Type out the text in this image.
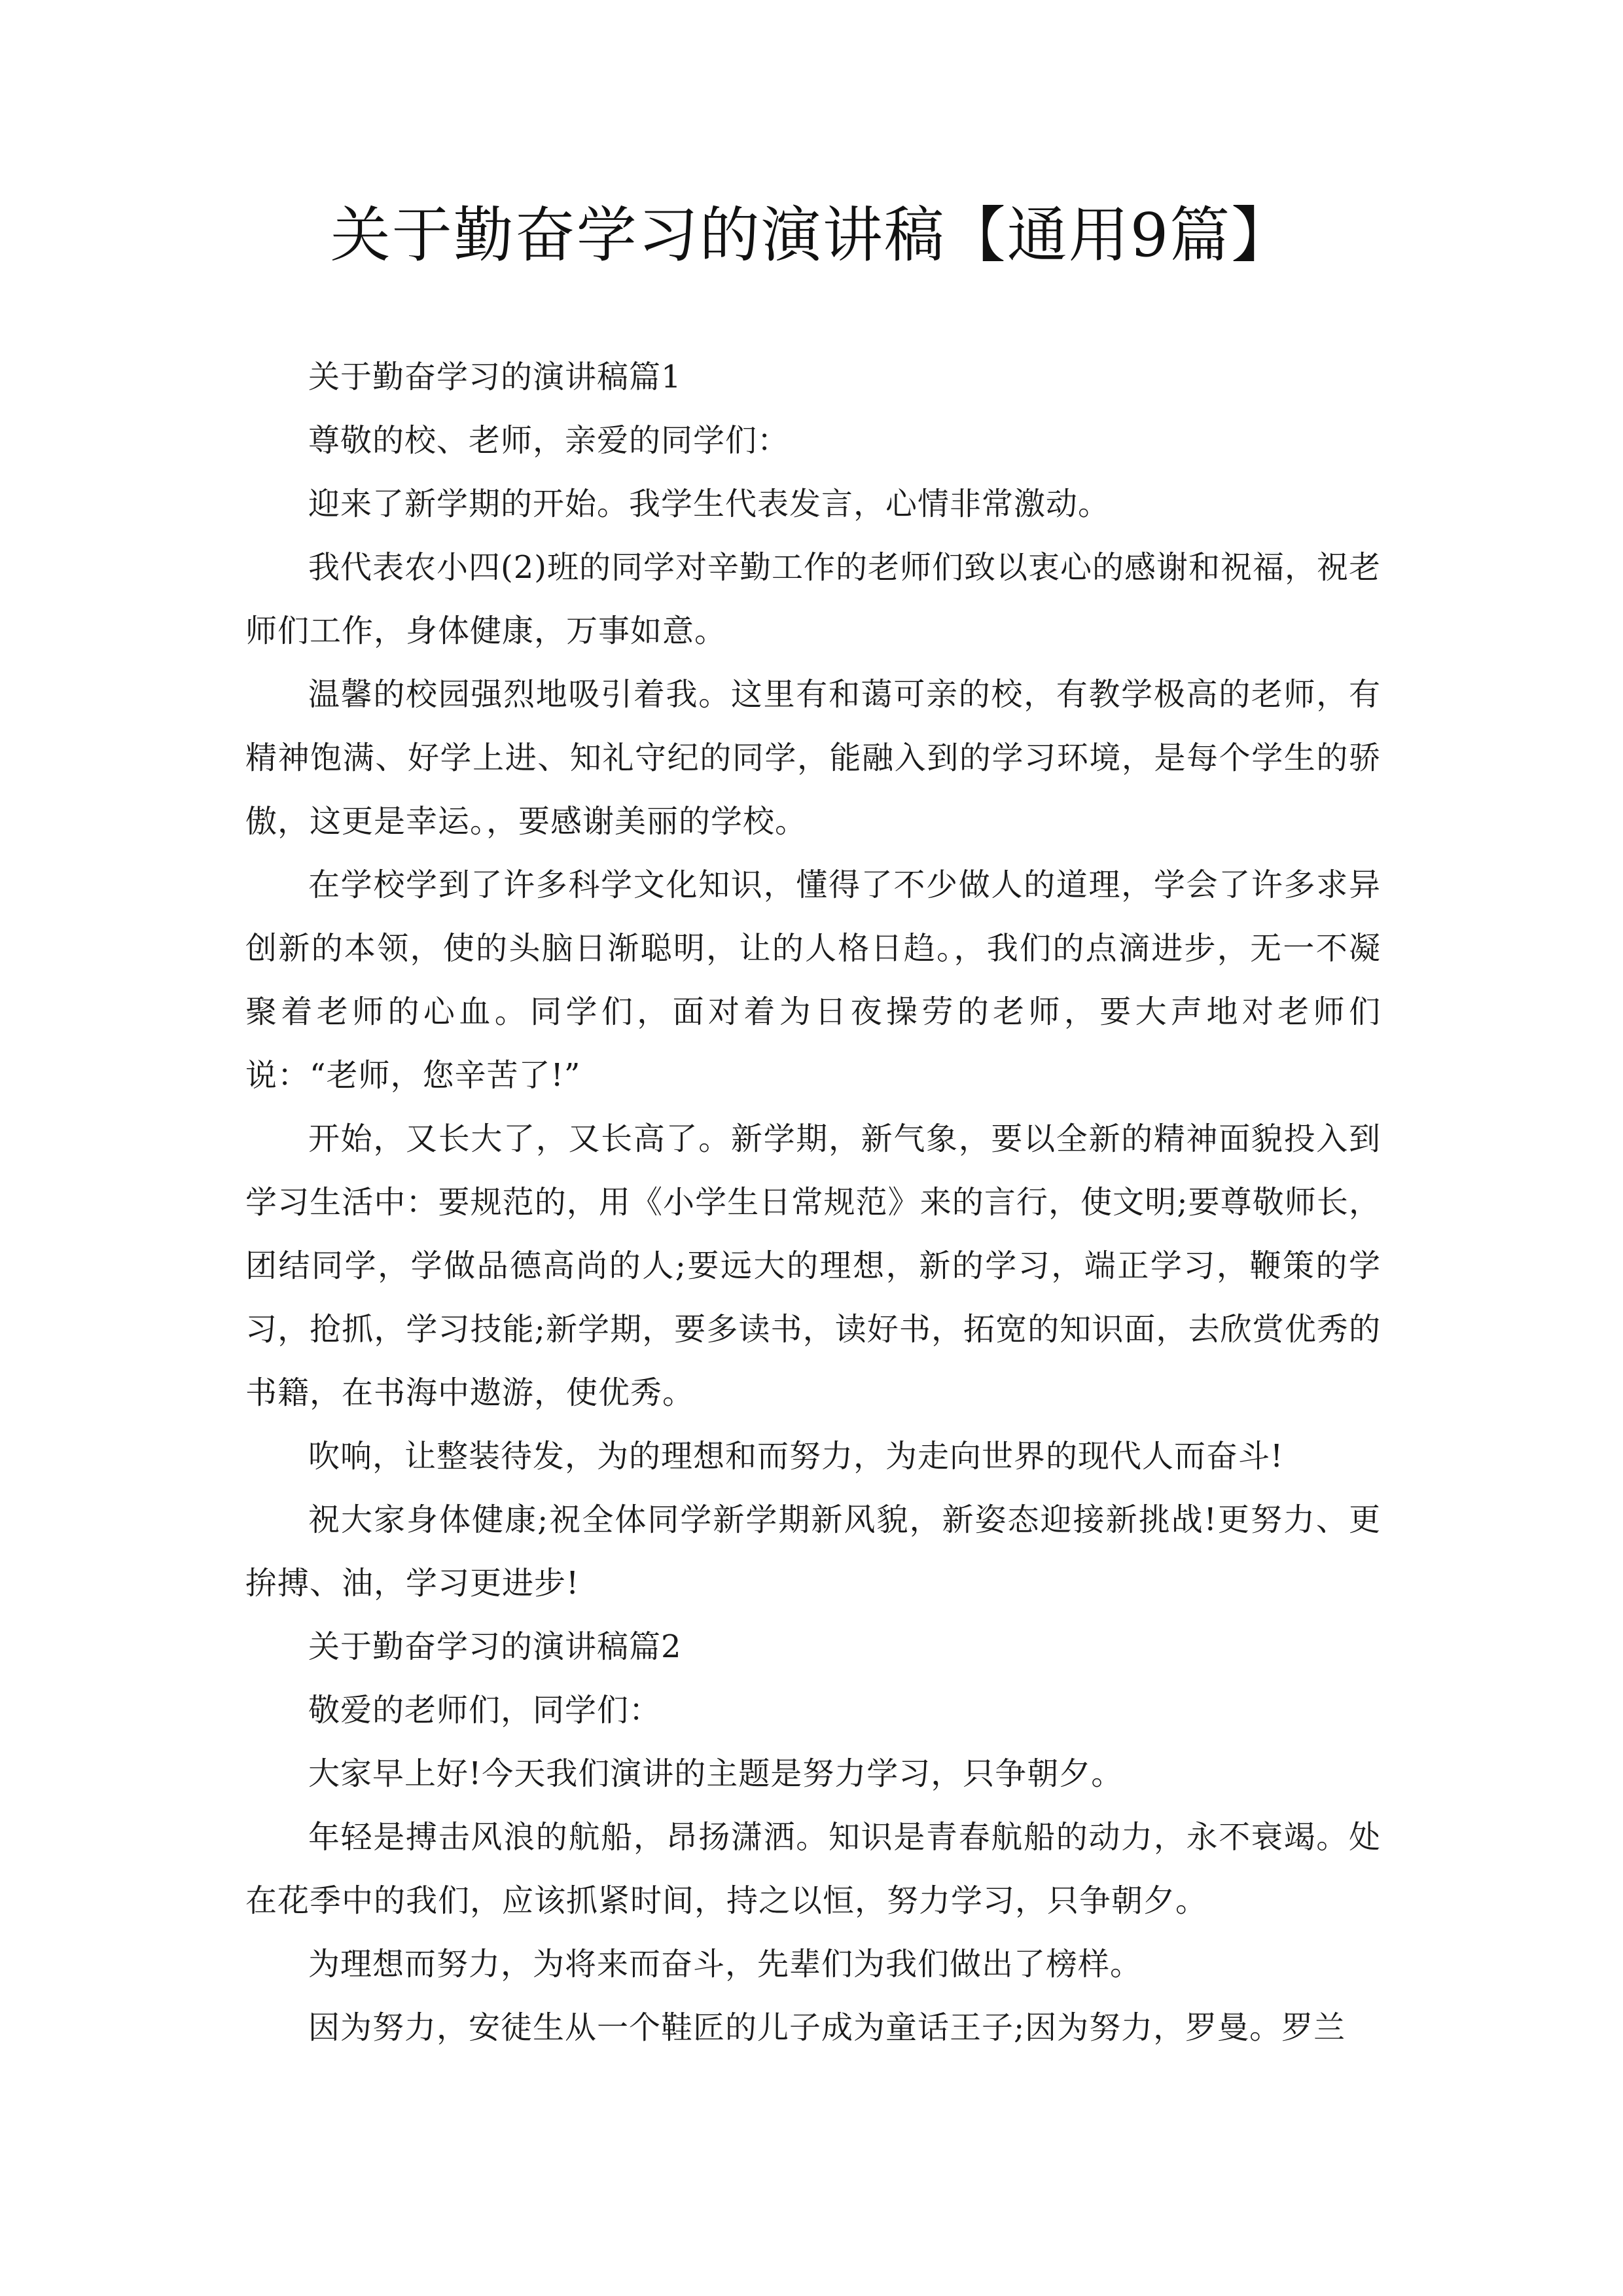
关于勤奋学习的演讲稿【通用9篇】

关于勤奋学习的演讲稿篇1

尊敬的校、老师，亲爱的同学们：

迎来了新学期的开始。我学生代表发言，心情非常激动。

我代表农小四(2)班的同学对辛勤工作的老师们致以衷心的感谢和祝福，祝老师们工作，身体健康，万事如意。

温馨的校园强烈地吸引着我。这里有和蔼可亲的校，有教学极高的老师，有精神饱满、好学上进、知礼守纪的同学，能融入到的学习环境，是每个学生的骄傲，这更是幸运。，要感谢美丽的学校。

在学校学到了许多科学文化知识，懂得了不少做人的道理，学会了许多求异创新的本领，使的头脑日渐聪明，让的人格日趋。，我们的点滴进步，无一不凝聚着老师的心血。同学们，面对着为日夜操劳的老师，要大声地对老师们说：“老师，您辛苦了!”

开始，又长大了，又长高了。新学期，新气象，要以全新的精神面貌投入到学习生活中：要规范的，用《小学生日常规范》来的言行，使文明;要尊敬师长，团结同学，学做品德高尚的人;要远大的理想，新的学习，端正学习，鞭策的学习，抢抓，学习技能;新学期，要多读书，读好书，拓宽的知识面，去欣赏优秀的书籍，在书海中遨游，使优秀。

吹响，让整装待发，为的理想和而努力，为走向世界的现代人而奋斗!

祝大家身体健康;祝全体同学新学期新风貌，新姿态迎接新挑战!更努力、更拚搏、油，学习更进步!

关于勤奋学习的演讲稿篇2

敬爱的老师们，同学们：

大家早上好!今天我们演讲的主题是努力学习，只争朝夕。

年轻是搏击风浪的航船，昂扬潇洒。知识是青春航船的动力，永不衰竭。处在花季中的我们，应该抓紧时间，持之以恒，努力学习，只争朝夕。

为理想而努力，为将来而奋斗，先辈们为我们做出了榜样。

因为努力，安徒生从一个鞋匠的儿子成为童话王子;因为努力，罗曼。罗兰
